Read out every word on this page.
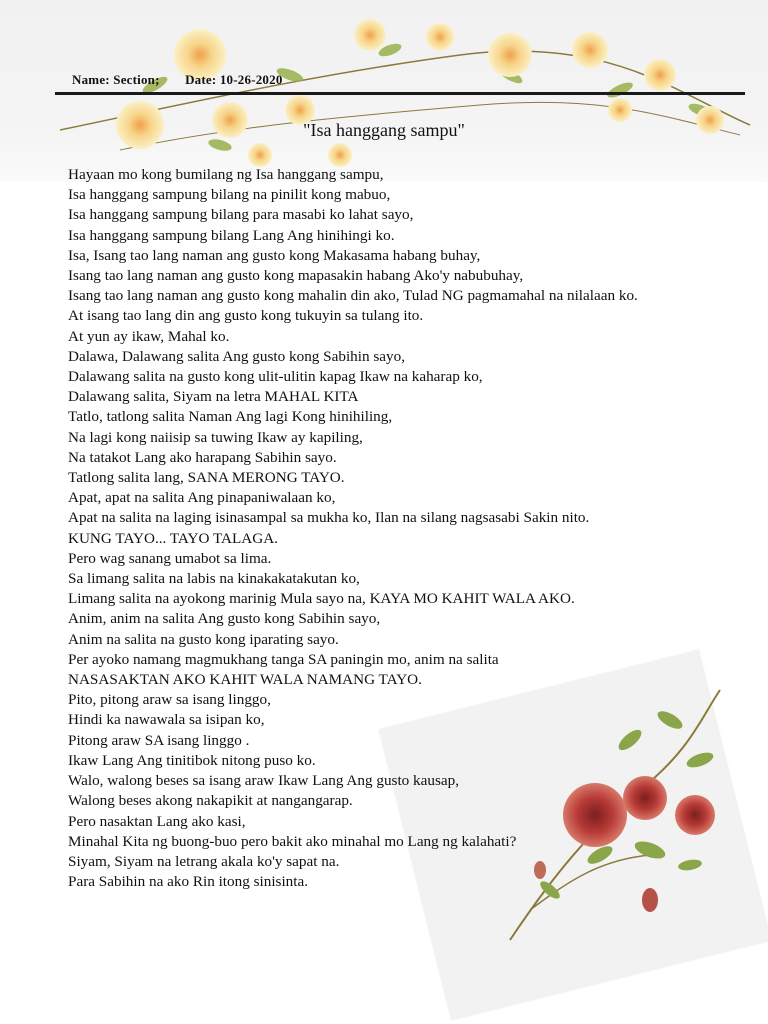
Name: Section; Date: 10-26-2020
"Isa hanggang sampu"
Hayaan mo kong bumilang ng Isa hanggang sampu,
Isa hanggang sampung bilang na pinilit kong mabuo,
Isa hanggang sampung bilang para masabi ko lahat sayo,
Isa hanggang sampung bilang Lang Ang hinihingi ko.
Isa, Isang tao lang naman ang gusto kong Makasama habang buhay,
Isang tao lang naman ang gusto kong mapasakin habang Ako'y nabubuhay,
Isang tao lang naman ang gusto kong mahalin din ako, Tulad NG pagmamahal na nilalaan ko.
At isang tao lang din ang gusto kong tukuyin sa tulang ito.
At yun ay ikaw, Mahal ko.
Dalawa, Dalawang salita Ang gusto kong Sabihin sayo,
Dalawang salita na gusto kong ulit-ulitin kapag Ikaw na kaharap ko,
Dalawang salita, Siyam na letra MAHAL KITA
Tatlo, tatlong salita Naman Ang lagi Kong hinihiling,
Na lagi kong naiisip sa tuwing Ikaw ay kapiling,
Na tatakot Lang ako harapang Sabihin sayo.
Tatlong salita lang, SANA MERONG TAYO.
Apat, apat na salita Ang pinapaniwalaan ko,
Apat na salita na laging isinasampal sa mukha ko, Ilan na silang nagsasabi Sakin nito.
KUNG TAYO... TAYO TALAGA.
Pero wag sanang umabot sa lima.
Sa limang salita na labis na kinakakatakutan ko,
Limang salita na ayokong marinig Mula sayo na, KAYA MO KAHIT WALA AKO.
Anim, anim na salita Ang gusto kong Sabihin sayo,
Anim na salita na gusto kong iparating sayo.
Per ayoko namang magmukhang tanga SA paningin mo, anim na salita
NASASAKTAN AKO KAHIT WALA NAMANG TAYO.
Pito, pitong araw sa isang linggo,
Hindi ka nawawala sa isipan ko,
Pitong araw SA isang linggo .
Ikaw Lang Ang tinitibok nitong puso ko.
Walo, walong beses sa isang araw Ikaw Lang Ang gusto kausap,
Walong beses akong nakapikit at nangangarap.
Pero nasaktan Lang ako kasi,
Minahal Kita ng buong-buo pero bakit ako minahal mo Lang ng kalahati?
Siyam, Siyam na letrang akala ko'y sapat na.
Para Sabihin na ako Rin itong sinisinta.
